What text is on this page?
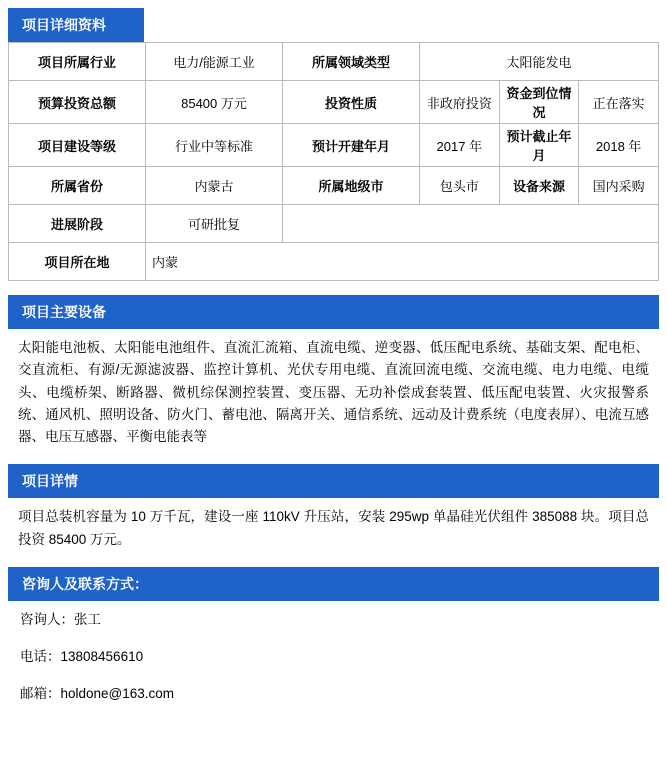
项目详细资料
项目所属行业	电力/能源工业	所属领域类型	太阳能发电		
预算投资总额	85400 万元	投资性质	非政府投资	资金到位情况	正在落实
项目建设等级	行业中等标准	预计开建年月	2017 年	预计截止年月	2018 年
所属省份	内蒙古	所属地级市	包头市	设备来源	国内采购
进展阶段	可研批复				
项目所在地	内蒙				
项目主要设备
太阳能电池板、太阳能电池组件、直流汇流箱、直流电缆、逆变器、低压配电系统、基础支架、配电柜、交直流柜、有源/无源滤波器、监控计算机、光伏专用电缆、直流回流电缆、交流电缆、电力电缆、电缆头、电缆桥架、断路器、微机综保测控装置、变压器、无功补偿成套装置、低压配电装置、火灾报警系统、通风机、照明设备、防火门、蓄电池、隔离开关、通信系统、远动及计费系统（电度表屏）、电流互感器、电压互感器、平衡电能表等
项目详情
项目总装机容量为 10 万千瓦，建设一座 110kV 升压站，安装 295wp 单晶硅光伏组件 385088 块。项目总投资 85400 万元。
咨询人及联系方式：
咨询人：张工
电话：13808456610
邮箱：holdone@163.com
